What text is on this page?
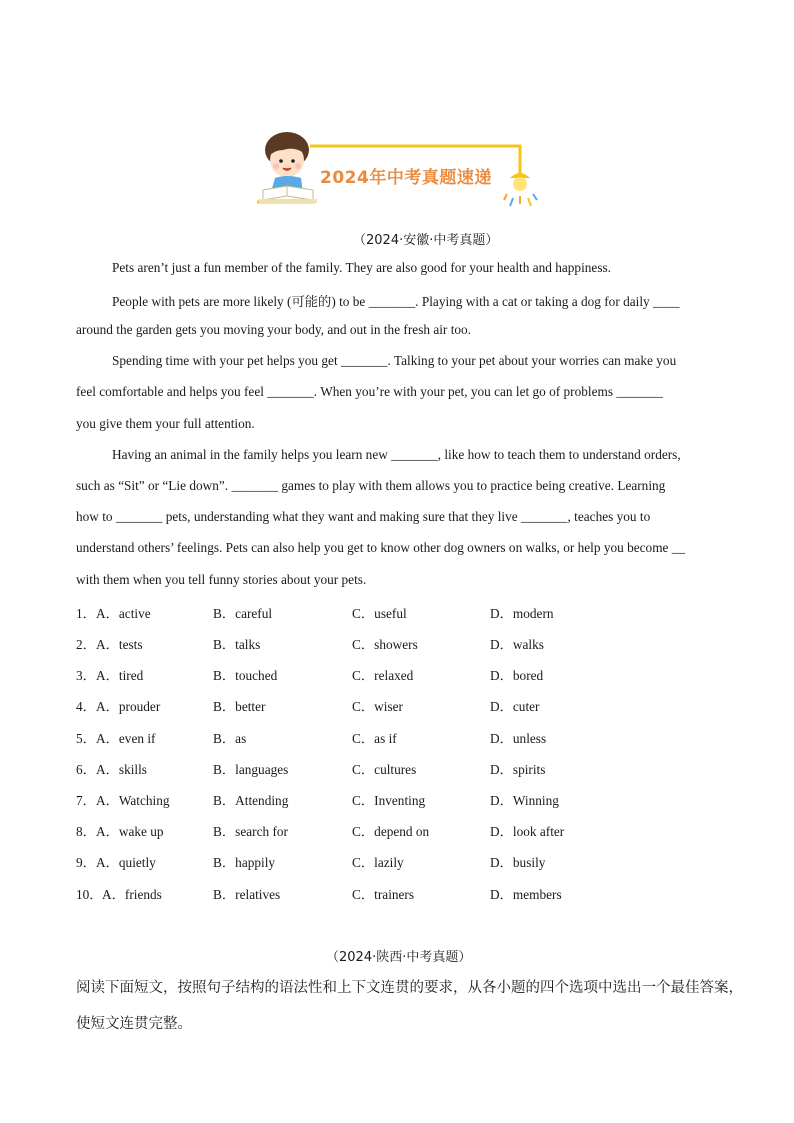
2024年中考真题速递
（2024·安徽·中考真题）
Pets aren’t just a fun member of the family. They are also good for your health and happiness.
People with pets are more likely (可能的) to be _______. Playing with a cat or taking a dog for daily ____
around the garden gets you moving your body, and out in the fresh air too.
Spending time with your pet helps you get _______. Talking to your pet about your worries can make you
feel comfortable and helps you feel _______. When you’re with your pet, you can let go of problems _______
you give them your full attention.
Having an animal in the family helps you learn new _______, like how to teach them to understand orders,
such as “Sit” or “Lie down”. _______ games to play with them allows you to practice being creative. Learning
how to _______ pets, understanding what they want and making sure that they live _______, teaches you to
understand others’ feelings. Pets can also help you get to know other dog owners on walks, or help you become __
with them when you tell funny stories about your pets.
1． A．active	B．careful	C．useful	D．modern
2． A．tests	B．talks	C．showers	D．walks
3． A．tired	B．touched	C．relaxed	D．bored
4． A．prouder	B．better	C．wiser	D．cuter
5． A．even if	B．as	C．as if	D．unless
6． A．skills	B．languages	C．cultures	D．spirits
7． A．Watching	B．Attending	C．Inventing	D．Winning
8． A．wake up	B．search for	C．depend on	D．look after
9． A．quietly	B．happily	C．lazily	D．busily
10． A．friends	B．relatives	C．trainers	D．members
（2024·陕西·中考真题）
阅读下面短文，按照句子结构的语法性和上下文连贯的要求，从各小题的四个选项中选出一个最佳答案，
使短文连贯完整。
